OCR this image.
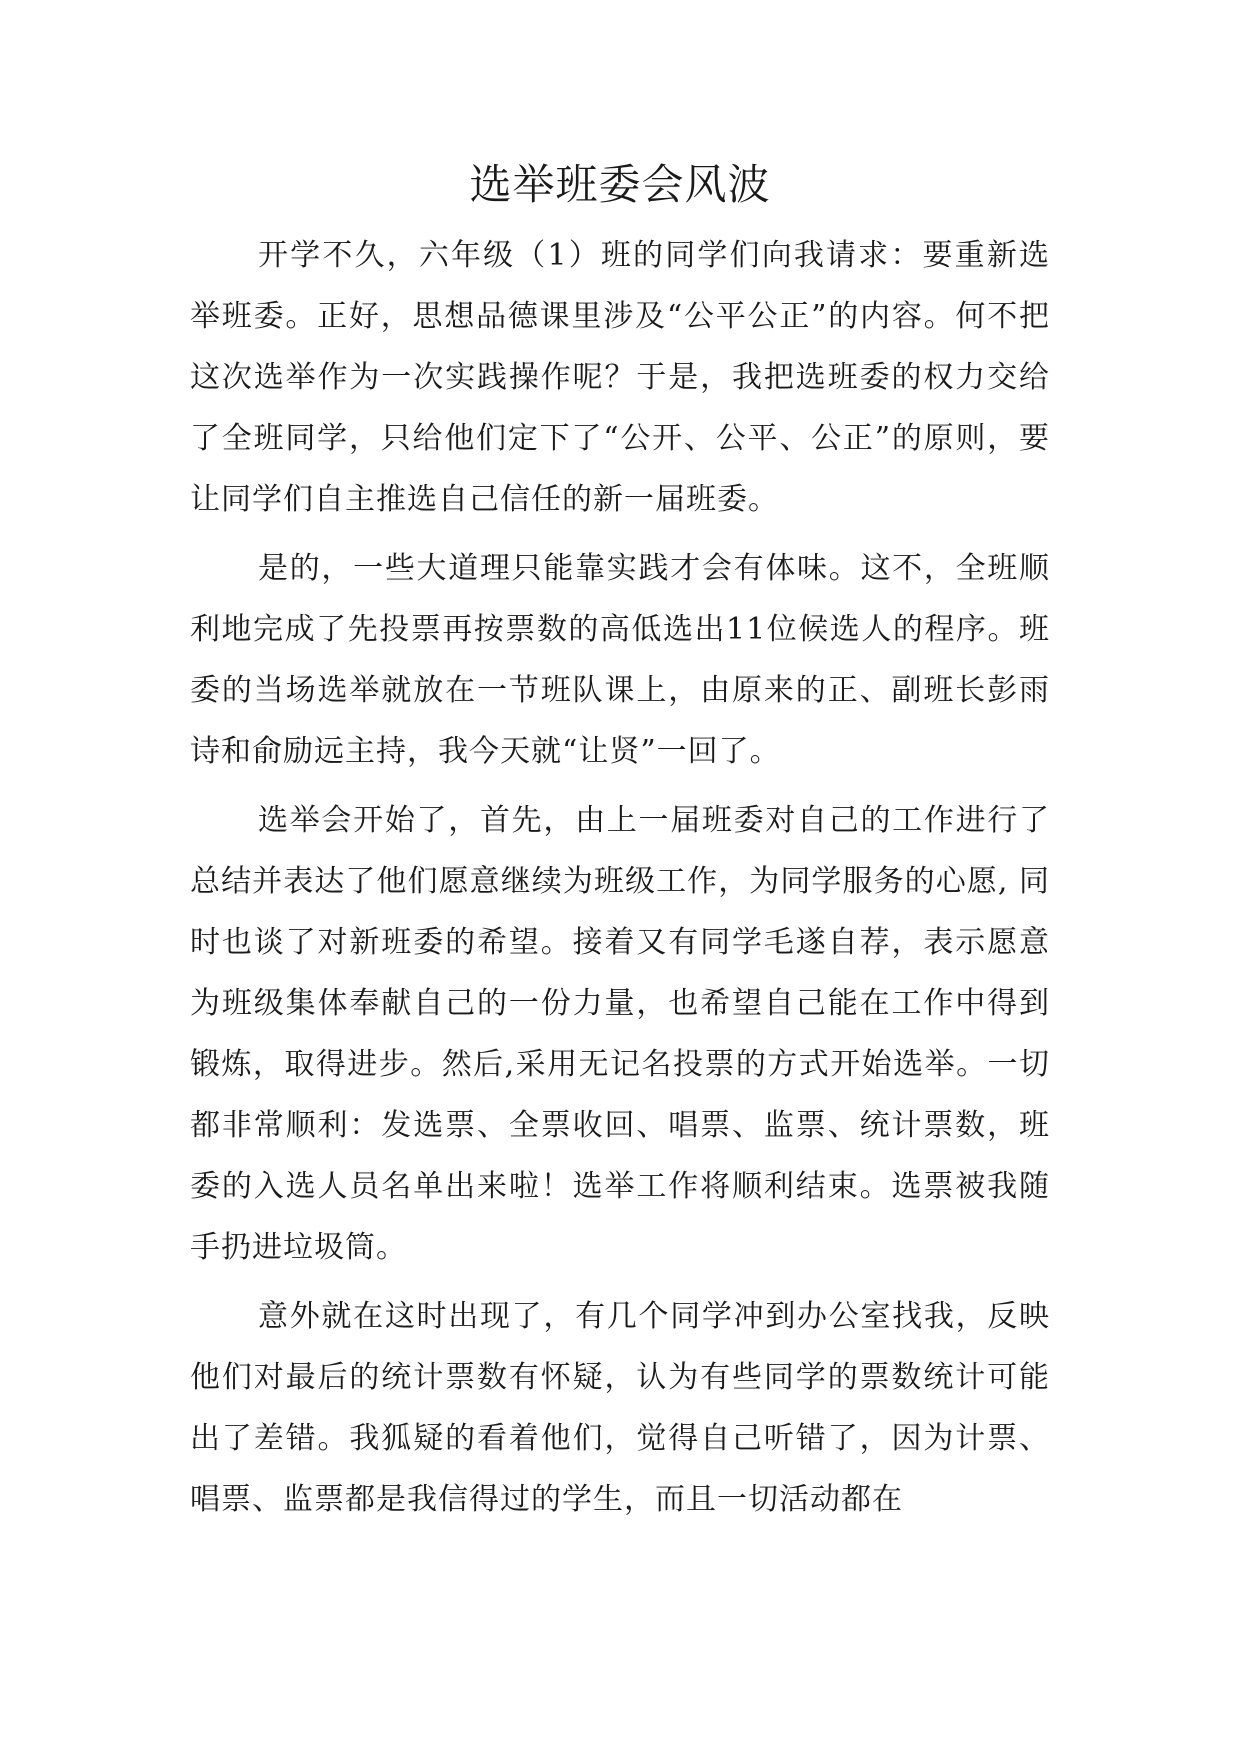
选举班委会风波

开学不久，六年级（1）班的同学们向我请求：要重新选举班委。正好，思想品德课里涉及“公平公正”的内容。何不把这次选举作为一次实践操作呢？于是，我把选班委的权力交给了全班同学，只给他们定下了“公开、公平、公正”的原则，要让同学们自主推选自己信任的新一届班委。

是的，一些大道理只能靠实践才会有体味。这不，全班顺利地完成了先投票再按票数的高低选出11位候选人的程序。班委的当场选举就放在一节班队课上，由原来的正、副班长彭雨诗和俞励远主持，我今天就“让贤”一回了。

选举会开始了，首先，由上一届班委对自己的工作进行了总结并表达了他们愿意继续为班级工作，为同学服务的心愿, 同时也谈了对新班委的希望。接着又有同学毛遂自荐，表示愿意为班级集体奉献自己的一份力量，也希望自己能在工作中得到锻炼，取得进步。然后,采用无记名投票的方式开始选举。一切都非常顺利：发选票、全票收回、唱票、监票、统计票数，班委的入选人员名单出来啦！选举工作将顺利结束。选票被我随手扔进垃圾筒。

意外就在这时出现了，有几个同学冲到办公室找我，反映他们对最后的统计票数有怀疑，认为有些同学的票数统计可能出了差错。我狐疑的看着他们，觉得自己听错了，因为计票、唱票、监票都是我信得过的学生，而且一切活动都在
